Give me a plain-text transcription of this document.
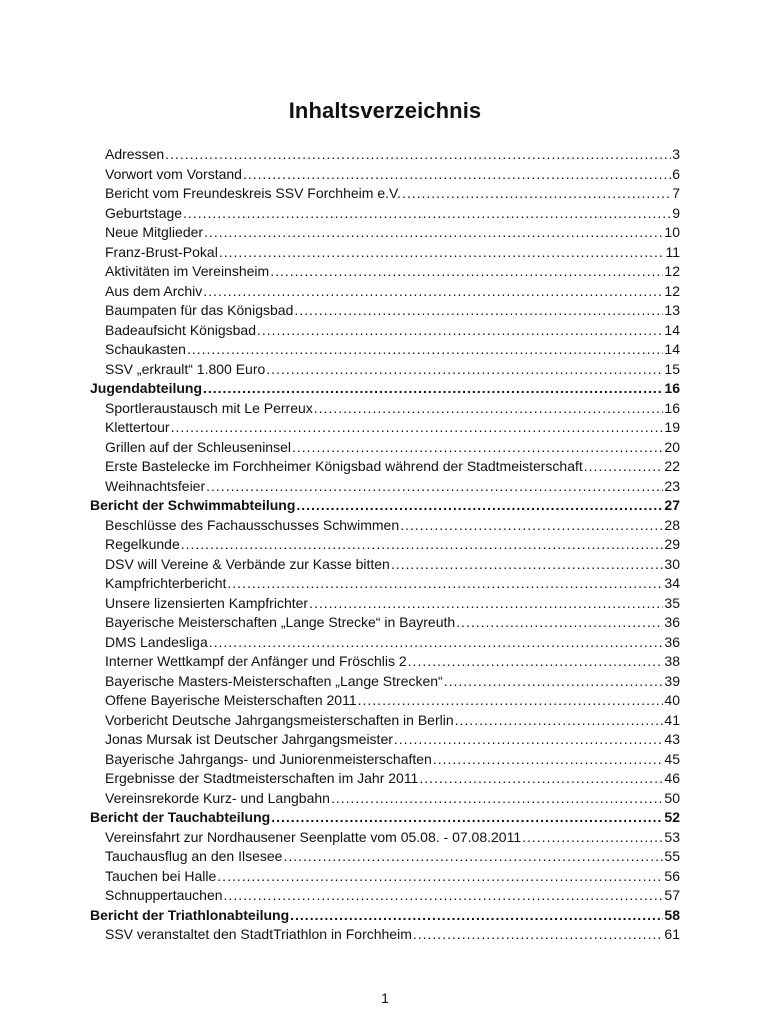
Inhaltsverzeichnis
Adressen .....	3
Vorwort vom Vorstand .....	6
Bericht vom Freundeskreis SSV Forchheim e.V. .....	7
Geburtstage .....	9
Neue Mitglieder .....	10
Franz-Brust-Pokal .....	11
Aktivitäten im Vereinsheim .....	12
Aus dem Archiv .....	12
Baumpaten für das Königsbad .....	13
Badeaufsicht Königsbad .....	14
Schaukasten .....	14
SSV „erkrault“ 1.800 Euro .....	15
Jugendabteilung .....	16
Sportleraustausch mit Le Perreux .....	16
Klettertour .....	19
Grillen auf der Schleuseninsel .....	20
Erste Bastelecke im Forchheimer Königsbad während der Stadtmeisterschaft .....	22
Weihnachtsfeier .....	23
Bericht der Schwimmabteilung .....	27
Beschlüsse des Fachausschusses Schwimmen .....	28
Regelkunde .....	29
DSV will Vereine & Verbände zur Kasse bitten .....	30
Kampfrichterbericht .....	34
Unsere lizensierten Kampfrichter .....	35
Bayerische Meisterschaften „Lange Strecke“ in Bayreuth .....	36
DMS Landesliga .....	36
Interner Wettkampf der Anfänger und Fröschlis 2 .....	38
Bayerische Masters-Meisterschaften „Lange Strecken“ .....	39
Offene Bayerische Meisterschaften 2011 .....	40
Vorbericht Deutsche Jahrgangsmeisterschaften in Berlin .....	41
Jonas Mursak ist Deutscher Jahrgangsmeister .....	43
Bayerische Jahrgangs- und Juniorenmeisterschaften .....	45
Ergebnisse der Stadtmeisterschaften im Jahr 2011 .....	46
Vereinsrekorde Kurz- und Langbahn .....	50
Bericht der Tauchabteilung .....	52
Vereinsfahrt zur Nordhausener Seenplatte vom 05.08. - 07.08.2011 .....	53
Tauchausflug an den Ilsesee .....	55
Tauchen bei Halle .....	56
Schnuppertauchen .....	57
Bericht der Triathlonabteilung .....	58
SSV veranstaltet den StadtTriathlon in Forchheim .....	61
1
